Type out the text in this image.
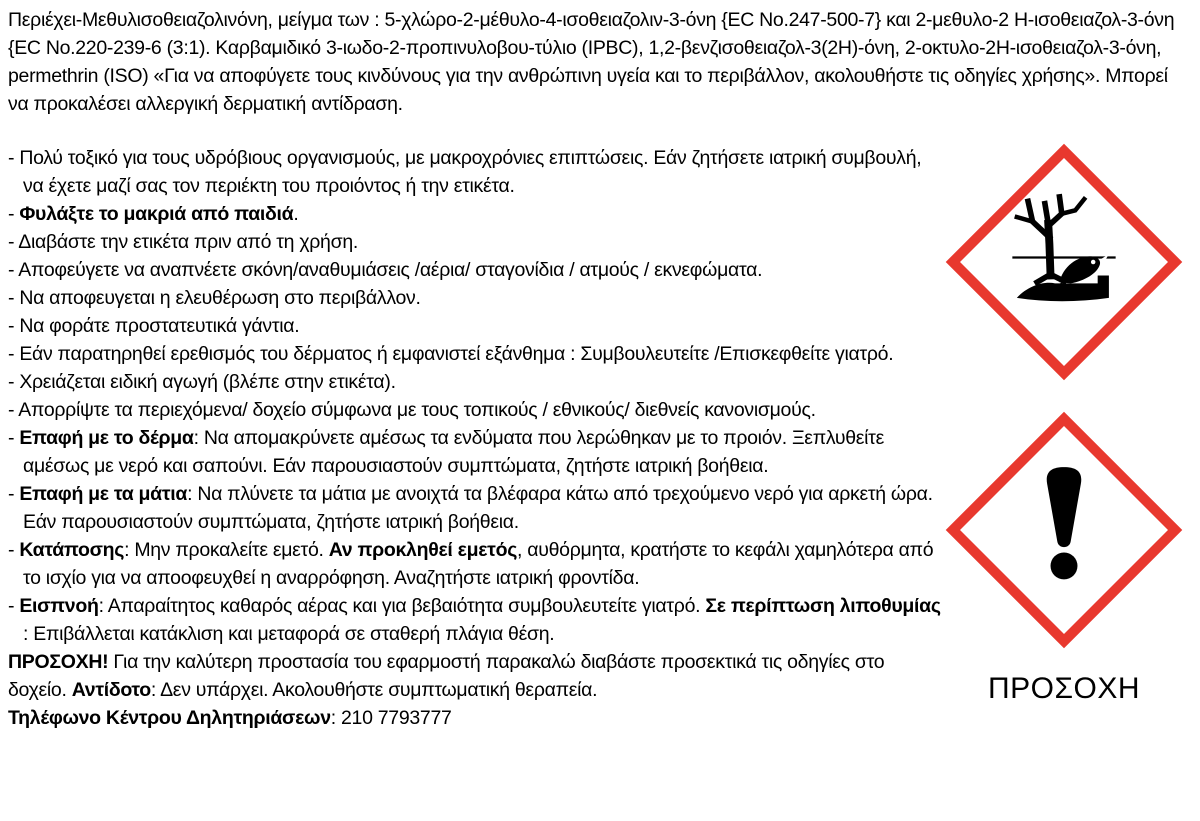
Περιέχει-Μεθυλισοθειαζολινόνη, μείγμα των : 5-χλώρο-2-μέθυλο-4-ισοθειαζολιν-3-όνη {EC No.247-500-7} και 2-μεθυλο-2 Η-ισοθειαζολ-3-όνη {EC No.220-239-6 (3:1). Καρβαμιδικό 3-ιωδο-2-προπινυλοβου-τύλιο (IPBC), 1,2-βενζισοθειαζολ-3(2Η)-όνη, 2-οκτυλο-2Η-ισοθειαζολ-3-όνη, permethrin (ISO) «Για να αποφύγετε τους κινδύνους για την ανθρώπινη υγεία και το περιβάλλον, ακολουθήστε τις οδηγίες χρήσης». Μπορεί να προκαλέσει αλλεργική δερματική αντίδραση.

- Πολύ τοξικό για τους υδρόβιους οργανισμούς, με μακροχρόνιες επιπτώσεις. Εάν ζητήσετε ιατρική συμβουλή, να έχετε μαζί σας τον περιέκτη του προιόντος ή την ετικέτα.
- Φυλάξτε το μακριά από παιδιά.
- Διαβάστε την ετικέτα πριν από τη χρήση.
- Αποφεύγετε να αναπνέετε σκόνη/αναθυμιάσεις /αέρια/ σταγονίδια / ατμούς / εκνεφώματα.
- Να αποφευγεται η ελευθέρωση στο περιβάλλον.
- Να φοράτε προστατευτικά γάντια.
- Εάν παρατηρηθεί ερεθισμός του δέρματος ή εμφανιστεί εξάνθημα : Συμβουλευτείτε /Επισκεφθείτε γιατρό.
- Χρειάζεται ειδική αγωγή (βλέπε στην ετικέτα).
- Απορρίψτε τα περιεχόμενα/ δοχείο σύμφωνα με τους τοπικούς / εθνικούς/ διεθνείς κανονισμούς.
- Επαφή με το δέρμα: Να απομακρύνετε αμέσως τα ενδύματα που λερώθηκαν με το προιόν. Ξεπλυθείτε αμέσως με νερό και σαπούνι. Εάν παρουσιαστούν συμπτώματα, ζητήστε ιατρική βοήθεια.
- Επαφή με τα μάτια: Να πλύνετε τα μάτια με ανοιχτά τα βλέφαρα κάτω από τρεχούμενο νερό για αρκετή ώρα. Εάν παρουσιαστούν συμπτώματα, ζητήστε ιατρική βοήθεια.
- Κατάποσης: Μην προκαλείτε εμετό. Αν προκληθεί εμετός, αυθόρμητα, κρατήστε το κεφάλι χαμηλότερα από το ισχίο για να αποοφευχθεί η αναρρόφηση. Αναζητήστε ιατρική φροντίδα.
- Εισπνοή: Απαραίτητος καθαρός αέρας και για βεβαιότητα συμβουλευτείτε γιατρό. Σε περίπτωση λιποθυμίας : Επιβάλλεται κατάκλιση και μεταφορά σε σταθερή πλάγια θέση.
ΠΡΟΣΟΧΗ! Για την καλύτερη προστασία του εφαρμοστή παρακαλώ διαβάστε προσεκτικά τις οδηγίες στο δοχείο. Αντίδοτο: Δεν υπάρχει. Ακολουθήστε συμπτωματική θεραπεία.
Τηλέφωνο Κέντρου Δηλητηριάσεων: 210 7793777
ΠΡΟΣΟΧΗ
